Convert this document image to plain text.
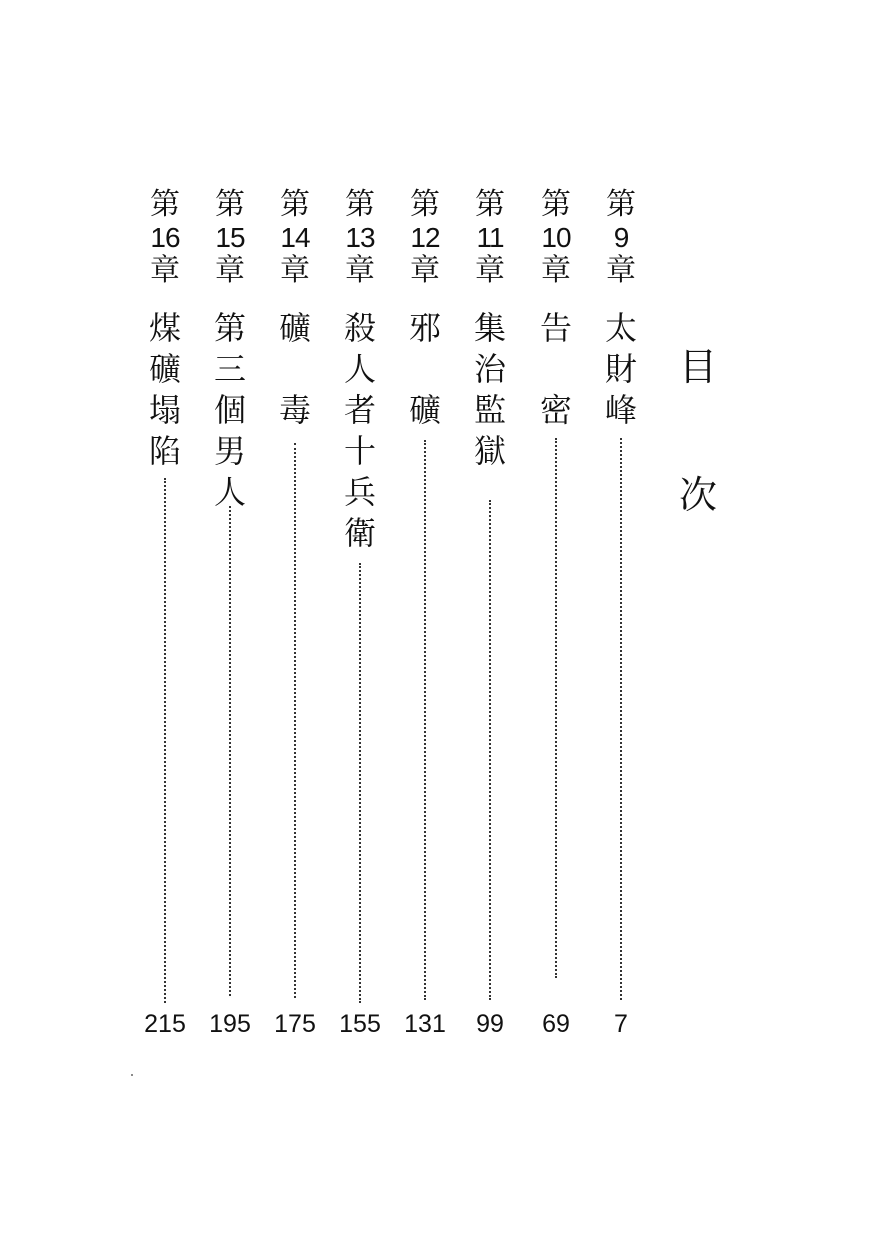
目
次
第
9
章
太
財
峰
7
第
10
章
告

密
69
第
11
章
集
治
監
獄
99
第
12
章
邪

礦
131
第
13
章
殺
人
者
十
兵
衛
155
第
14
章
礦

毒
175
第
15
章
第
三
個
男
人
195
第
16
章
煤
礦
塌
陷
215
